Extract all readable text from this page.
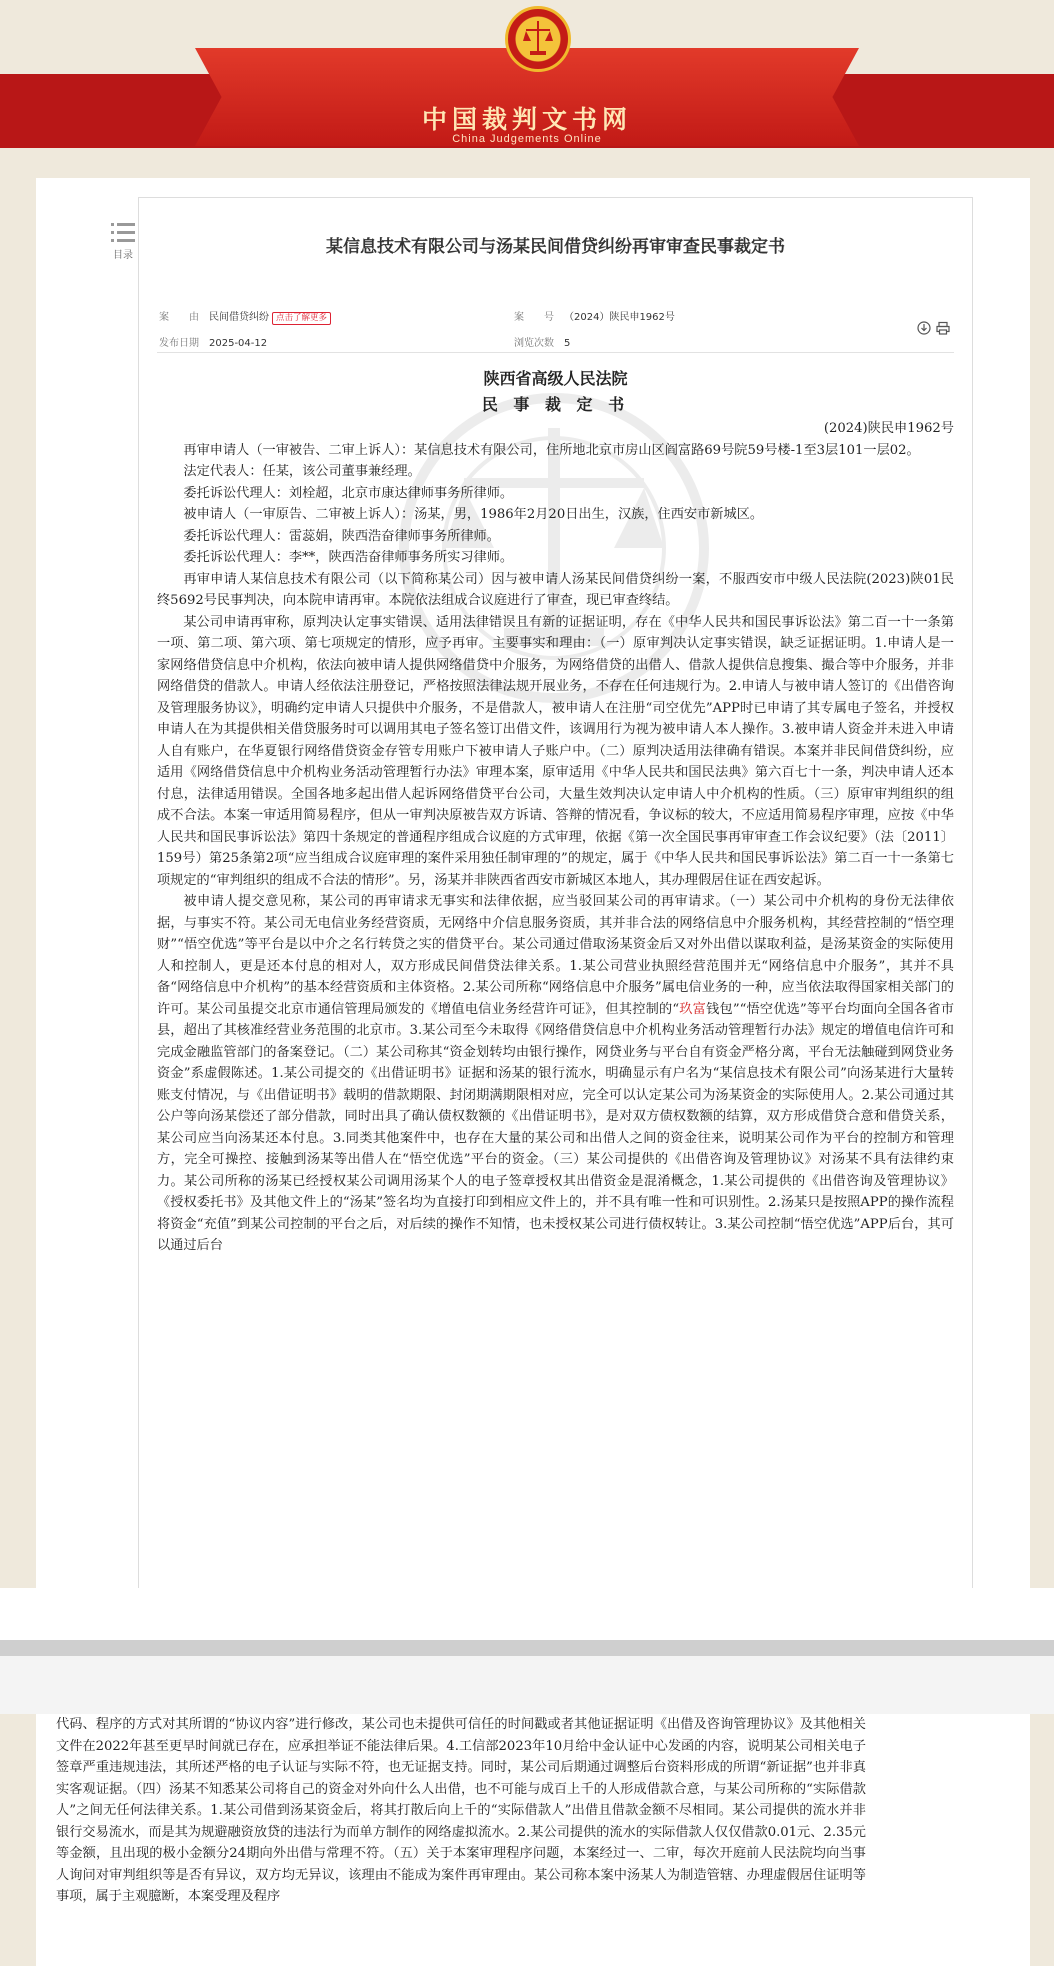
中国裁判文书网
China Judgements Online
目录	某信息技术有限公司与汤某民间借贷纠纷再审审查民事裁定书
案　　由 民间借贷纠纷 点击了解更多	案　　号 （2024）陕民申1962号
发布日期 2025-04-12	浏览次数 5

陕西省高级人民法院
民 事 裁 定 书

(2024)陕民申1962号

再审申请人（一审被告、二审上诉人）：某信息技术有限公司，住所地北京市房山区阎富路69号院59号楼-1至3层101一层02。

法定代表人：任某，该公司董事兼经理。

委托诉讼代理人：刘栓超，北京市康达律师事务所律师。

被申请人（一审原告、二审被上诉人）：汤某，男，1986年2月20日出生，汉族，住西安市新城区。

委托诉讼代理人：雷蕊娟，陕西浩奋律师事务所律师。

委托诉讼代理人：李**，陕西浩奋律师事务所实习律师。

再审申请人某信息技术有限公司（以下简称某公司）因与被申请人汤某民间借贷纠纷一案，不服西安市中级人民法院(2023)陕01民终5692号民事判决，向本院申请再审。本院依法组成合议庭进行了审查，现已审查终结。

某公司申请再审称，原判决认定事实错误、适用法律错误且有新的证据证明，存在《中华人民共和国民事诉讼法》第二百一十一条第一项、第二项、第六项、第七项规定的情形，应予再审。主要事实和理由：（一）原审判决认定事实错误，缺乏证据证明。1.申请人是一家网络借贷信息中介机构，依法向被申请人提供网络借贷中介服务，为网络借贷的出借人、借款人提供信息搜集、撮合等中介服务，并非网络借贷的借款人。申请人经依法注册登记，严格按照法律法规开展业务，不存在任何违规行为。2.申请人与被申请人签订的《出借咨询及管理服务协议》，明确约定申请人只提供中介服务，不是借款人，被申请人在注册“司空优先”APP时已申请了其专属电子签名，并授权申请人在为其提供相关借贷服务时可以调用其电子签名签订出借文件，该调用行为视为被申请人本人操作。3.被申请人资金并未进入申请人自有账户，在华夏银行网络借贷资金存管专用账户下被申请人子账户中。（二）原判决适用法律确有错误。本案并非民间借贷纠纷，应适用《网络借贷信息中介机构业务活动管理暂行办法》审理本案，原审适用《中华人民共和国民法典》第六百七十一条，判决申请人还本付息，法律适用错误。全国各地多起出借人起诉网络借贷平台公司，大量生效判决认定申请人中介机构的性质。（三）原审审判组织的组成不合法。本案一审适用简易程序，但从一审判决原被告双方诉请、答辩的情况看，争议标的较大，不应适用简易程序审理，应按《中华人民共和国民事诉讼法》第四十条规定的普通程序组成合议庭的方式审理，依据《第一次全国民事再审审查工作会议纪要》（法〔2011〕159号）第25条第2项“应当组成合议庭审理的案件采用独任制审理的”的规定，属于《中华人民共和国民事诉讼法》第二百一十一条第七项规定的“审判组织的组成不合法的情形”。另，汤某并非陕西省西安市新城区本地人，其办理假居住证在西安起诉。

被申请人提交意见称，某公司的再审请求无事实和法律依据，应当驳回某公司的再审请求。（一）某公司中介机构的身份无法律依据，与事实不符。某公司无电信业务经营资质，无网络中介信息服务资质，其并非合法的网络信息中介服务机构，其经营控制的“悟空理财”“悟空优选”等平台是以中介之名行转贷之实的借贷平台。某公司通过借取汤某资金后又对外出借以谋取利益，是汤某资金的实际使用人和控制人，更是还本付息的相对人，双方形成民间借贷法律关系。1.某公司营业执照经营范围并无“网络信息中介服务”，其并不具备“网络信息中介机构”的基本经营资质和主体资格。2.某公司所称“网络信息中介服务”属电信业务的一种，应当依法取得国家相关部门的许可。某公司虽提交北京市通信管理局颁发的《增值电信业务经营许可证》，但其控制的“玖富钱包”“悟空优选”等平台均面向全国各省市县，超出了其核准经营业务范围的北京市。3.某公司至今未取得《网络借贷信息中介机构业务活动管理暂行办法》规定的增值电信许可和完成金融监管部门的备案登记。（二）某公司称其“资金划转均由银行操作，网贷业务与平台自有资金严格分离，平台无法触碰到网贷业务资金”系虚假陈述。1.某公司提交的《出借证明书》证据和汤某的银行流水，明确显示有户名为“某信息技术有限公司”向汤某进行大量转账支付情况，与《出借证明书》载明的借款期限、封闭期满期限相对应，完全可以认定某公司为汤某资金的实际使用人。2.某公司通过其公户等向汤某偿还了部分借款，同时出具了确认债权数额的《出借证明书》，是对双方债权数额的结算，双方形成借贷合意和借贷关系，某公司应当向汤某还本付息。3.同类其他案件中，也存在大量的某公司和出借人之间的资金往来，说明某公司作为平台的控制方和管理方，完全可操控、接触到汤某等出借人在“悟空优选”平台的资金。（三）某公司提供的《出借咨询及管理协议》对汤某不具有法律约束力。某公司所称的汤某已经授权某公司调用汤某个人的电子签章授权其出借资金是混淆概念，1.某公司提供的《出借咨询及管理协议》《授权委托书》及其他文件上的“汤某”签名均为直接打印到相应文件上的，并不具有唯一性和可识别性。2.汤某只是按照APP的操作流程将资金“充值”到某公司控制的平台之后，对后续的操作不知情，也未授权某公司进行债权转让。3.某公司控制“悟空优选”APP后台，其可以通过后台

代码、程序的方式对其所谓的“协议内容”进行修改，某公司也未提供可信任的时间戳或者其他证据证明《出借及咨询管理协议》及其他相关文件在2022年甚至更早时间就已存在，应承担举证不能法律后果。4.工信部2023年10月给中金认证中心发函的内容，说明某公司相关电子签章严重违规违法，其所述严格的电子认证与实际不符，也无证据支持。同时，某公司后期通过调整后台资料形成的所谓“新证据”也并非真实客观证据。（四）汤某不知悉某公司将自己的资金对外向什么人出借，也不可能与成百上千的人形成借款合意，与某公司所称的“实际借款人”之间无任何法律关系。1.某公司借到汤某资金后，将其打散后向上千的“实际借款人”出借且借款金额不尽相同。某公司提供的流水并非银行交易流水，而是其为规避融资放贷的违法行为而单方制作的网络虚拟流水。2.某公司提供的流水的实际借款人仅仅借款0.01元、2.35元等金额，且出现的极小金额分24期向外出借与常理不符。（五）关于本案审理程序问题，本案经过一、二审，每次开庭前人民法院均向当事人询问对审判组织等是否有异议，双方均无异议，该理由不能成为案件再审理由。某公司称本案中汤某人为制造管辖、办理虚假居住证明等事项，属于主观臆断，本案受理及程序
